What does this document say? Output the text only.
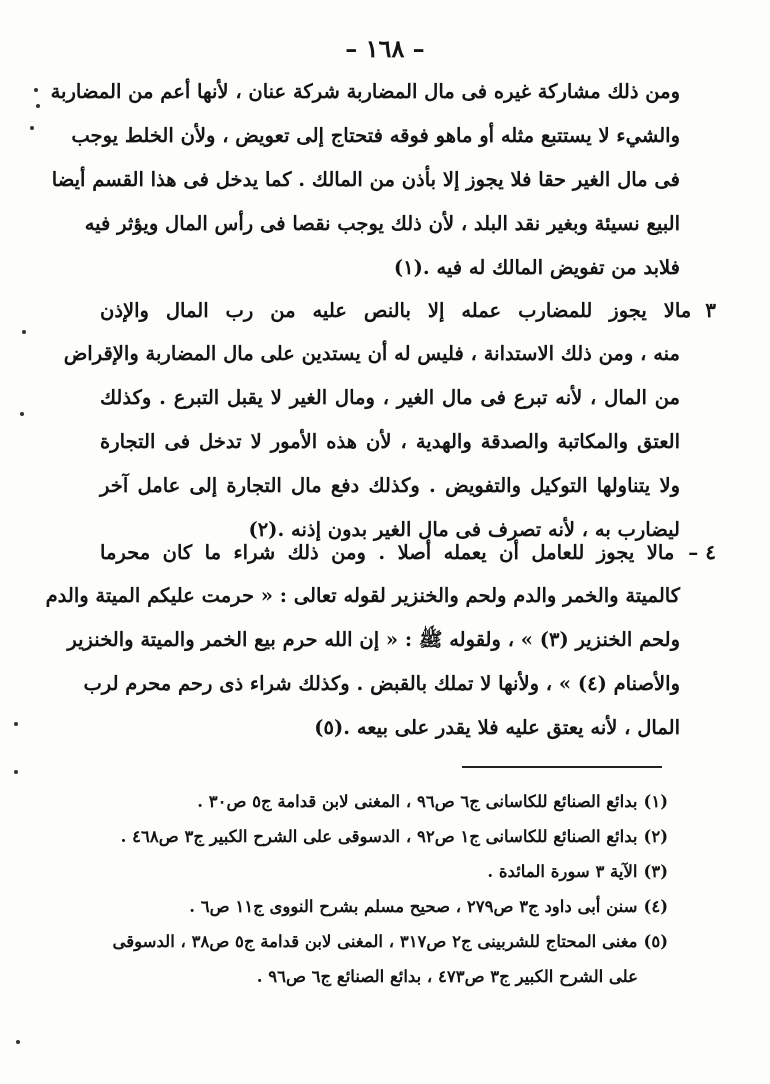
– ١٦٨ –
ومن ذلك مشاركة غيره فى مال المضاربة شركة عنان ، لأنها أعم من المضاربة
والشيء لا يستتبع مثله أو ماهو فوقه فتحتاج إلى تعويض ، ولأن الخلط يوجب
فى مال الغير حقا فلا يجوز إلا بأذن من المالك . كما يدخل فى هذا القسم أيضا
البيع نسيئة وبغير نقد البلد ، لأن ذلك يوجب نقصا فى رأس المال ويؤثر فيه
فلابد من تفويض المالك له فيه .(١)
٣مالا يجوز للمضارب عمله إلا بالنص عليه من رب المال والإذن
منه ، ومن ذلك الاستدانة ، فليس له أن يستدين على مال المضاربة والإقراض
من المال ، لأنه تبرع فى مال الغير ، ومال الغير لا يقبل التبرع . وكذلك
العتق والمكاتبة والصدقة والهدية ، لأن هذه الأمور لا تدخل فى التجارة
ولا يتناولها التوكيل والتفويض . وكذلك دفع مال التجارة إلى عامل آخر
ليضارب به ، لأنه تصرف فى مال الغير بدون إذنه .(٢)
٤ –مالا يجوز للعامل أن يعمله أصلا . ومن ذلك شراء ما كان محرما
كالميتة والخمر والدم ولحم والخنزير لقوله تعالى : « حرمت عليكم الميتة والدم
ولحم الخنزير (٣) » ، ولقوله ﷺ : « إن الله حرم بيع الخمر والميتة والخنزير
والأصنام (٤) » ، ولأنها لا تملك بالقبض . وكذلك شراء ذى رحم محرم لرب
المال ، لأنه يعتق عليه فلا يقدر على بيعه .(٥)
(١)بدائع الصنائع للكاسانى ج٦ ص٩٦ ، المغنى لابن قدامة ج٥ ص٣٠ .
(٢)بدائع الصنائع للكاسانى ج١ ص٩٢ ، الدسوقى على الشرح الكبير ج٣ ص٤٦٨ .
(٣)الآية ٣ سورة المائدة .
(٤)سنن أبى داود ج٣ ص٢٧٩ ، صحيح مسلم بشرح النووى ج١١ ص٦ .
(٥)مغنى المحتاج للشربينى ج٢ ص٣١٧ ، المغنى لابن قدامة ج٥ ص٣٨ ، الدسوقى
على الشرح الكبير ج٣ ص٤٧٣ ، بدائع الصنائع ج٦ ص٩٦ .
